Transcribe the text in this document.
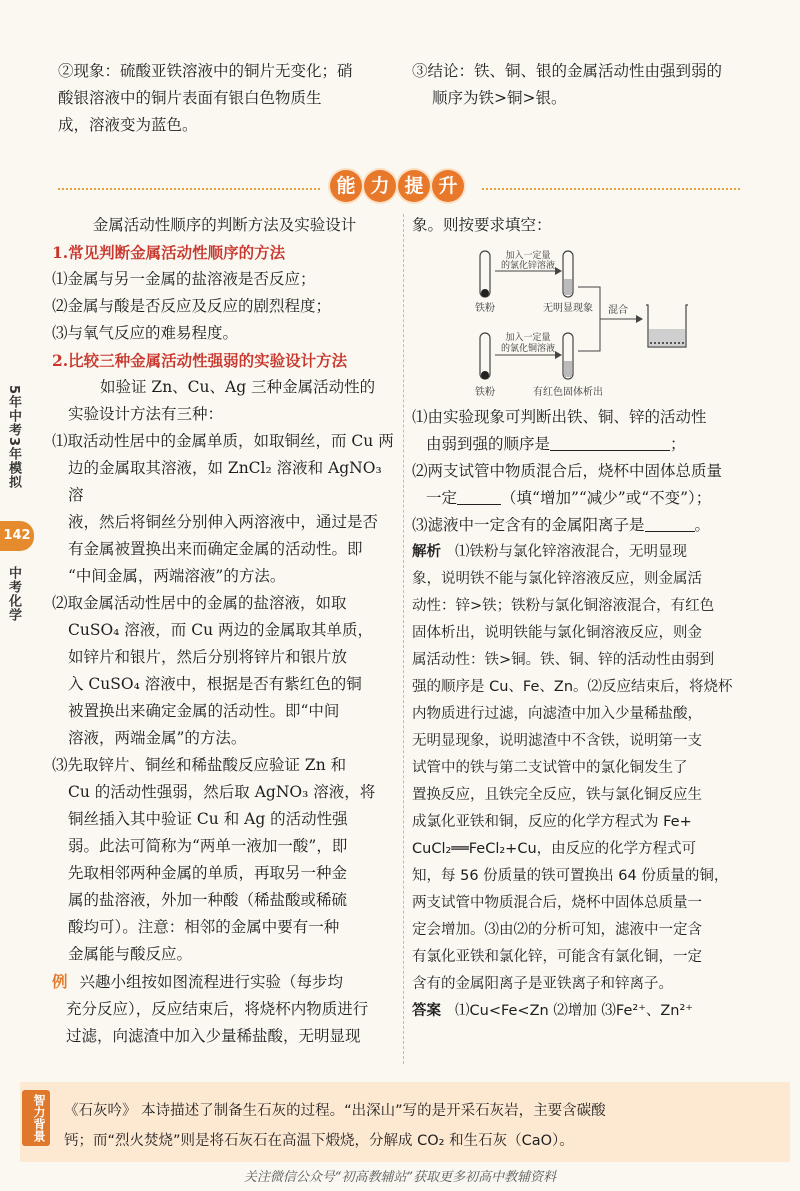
②现象：硫酸亚铁溶液中的铜片无变化；硝
酸银溶液中的铜片表面有银白色物质生
成，溶液变为蓝色。
③结论：铁、铜、银的金属活动性由强到弱的
顺序为铁>铜>银。
能 力 提 升
5年中考3年模拟
142
中考化学
金属活动性顺序的判断方法及实验设计
1.常见判断金属活动性顺序的方法
⑴金属与另一金属的盐溶液是否反应；
⑵金属与酸是否反应及反应的剧烈程度；
⑶与氧气反应的难易程度。
2.比较三种金属活动性强弱的实验设计方法
如验证 Zn、Cu、Ag 三种金属活动性的
实验设计方法有三种：
⑴取活动性居中的金属单质，如取铜丝，而 Cu 两
边的金属取其溶液，如 ZnCl₂ 溶液和 AgNO₃ 溶
液，然后将铜丝分别伸入两溶液中，通过是否
有金属被置换出来而确定金属的活动性。即
“中间金属，两端溶液”的方法。
⑵取金属活动性居中的金属的盐溶液，如取
CuSO₄ 溶液，而 Cu 两边的金属取其单质，
如锌片和银片，然后分别将锌片和银片放
入 CuSO₄ 溶液中，根据是否有紫红色的铜
被置换出来确定金属的活动性。即“中间
溶液，两端金属”的方法。
⑶先取锌片、铜丝和稀盐酸反应验证 Zn 和
Cu 的活动性强弱，然后取 AgNO₃ 溶液，将
铜丝插入其中验证 Cu 和 Ag 的活动性强
弱。此法可简称为“两单一液加一酸”，即
先取相邻两种金属的单质，再取另一种金
属的盐溶液，外加一种酸（稀盐酸或稀硫
酸均可）。注意：相邻的金属中要有一种
金属能与酸反应。
例 兴趣小组按如图流程进行实验（每步均
充分反应），反应结束后，将烧杯内物质进行
过滤，向滤渣中加入少量稀盐酸，无明显现
象。则按要求填空：
加入一定量
的氯化锌溶液
铁粉	无明显现象
加入一定量
的氯化铜溶液
铁粉	有红色固体析出
混合
⑴由实验现象可判断出铁、铜、锌的活动性
由弱到强的顺序是	；
⑵两支试管中物质混合后，烧杯中固体总质量
一定	（填“增加”“减少”或“不变”）；
⑶滤液中一定含有的金属阳离子是	。
解析 ⑴铁粉与氯化锌溶液混合，无明显现
象，说明铁不能与氯化锌溶液反应，则金属活
动性：锌>铁；铁粉与氯化铜溶液混合，有红色
固体析出，说明铁能与氯化铜溶液反应，则金
属活动性：铁>铜。铁、铜、锌的活动性由弱到
强的顺序是 Cu、Fe、Zn。⑵反应结束后，将烧杯
内物质进行过滤，向滤渣中加入少量稀盐酸，
无明显现象，说明滤渣中不含铁，说明第一支
试管中的铁与第二支试管中的氯化铜发生了
置换反应，且铁完全反应，铁与氯化铜反应生
成氯化亚铁和铜，反应的化学方程式为 Fe+
CuCl₂══FeCl₂+Cu，由反应的化学方程式可
知，每 56 份质量的铁可置换出 64 份质量的铜，
两支试管中物质混合后，烧杯中固体总质量一
定会增加。⑶由⑵的分析可知，滤液中一定含
有氯化亚铁和氯化锌，可能含有氯化铜，一定
含有的金属阳离子是亚铁离子和锌离子。
答案 ⑴Cu<Fe<Zn ⑵增加 ⑶Fe²⁺、Zn²⁺
智力背景 《石灰吟》 本诗描述了制备生石灰的过程。“出深山”写的是开采石灰岩，主要含碳酸
钙；而“烈火焚烧”则是将石灰石在高温下煅烧，分解成 CO₂ 和生石灰（CaO）。
关注微信公众号“初高教辅站”获取更多初高中教辅资料
